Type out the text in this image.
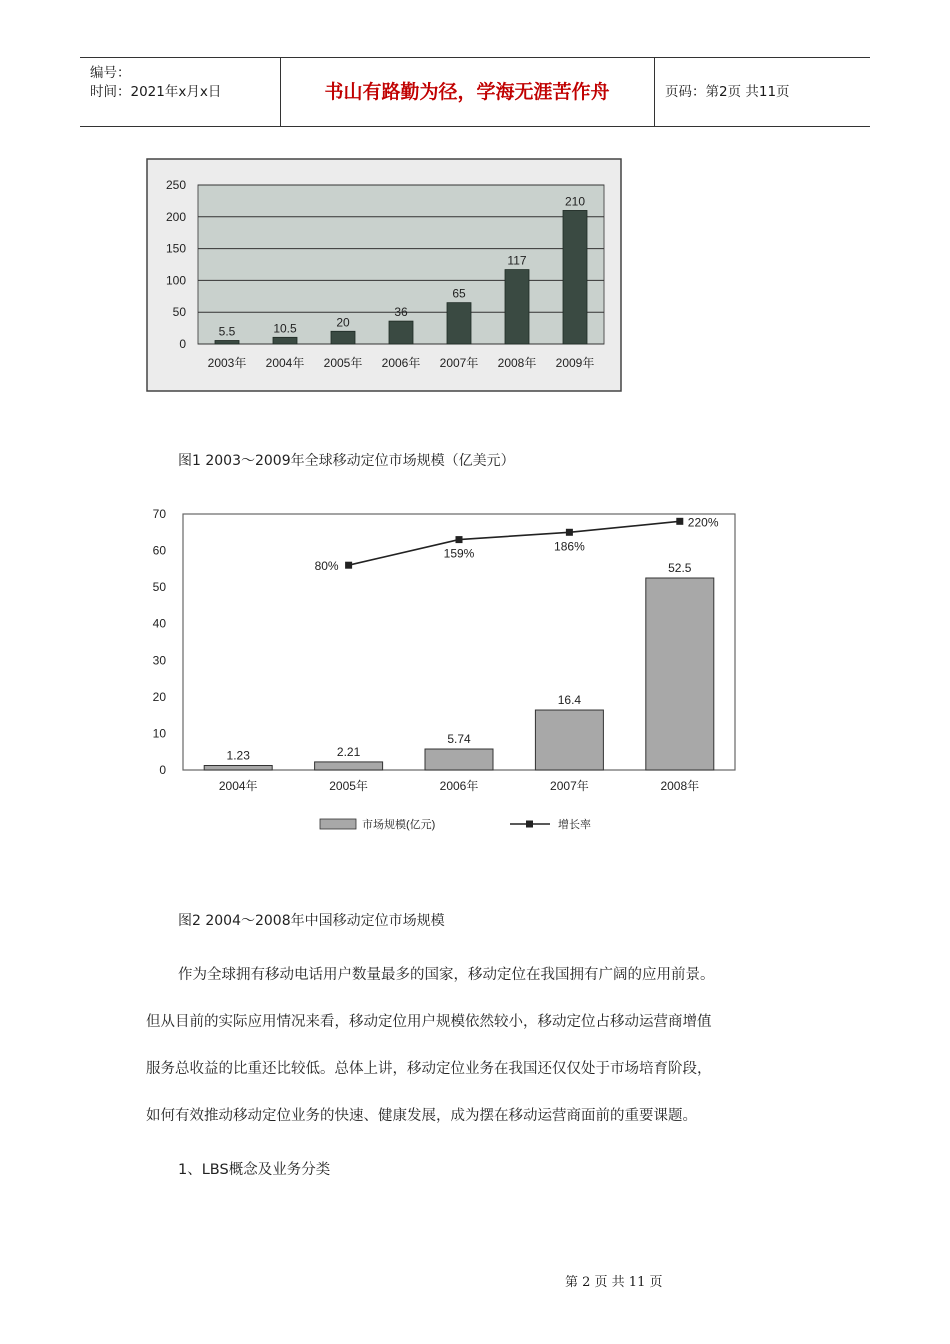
编号：
时间：2021年x月x日	书山有路勤为径，学海无涯苦作舟	页码：第2页 共11页
0
50
100
150
200
250
5.5
2003年
10.5
2004年
20
2005年
36
2006年
65
2007年
117
2008年
210
2009年
图1 2003～2009年全球移动定位市场规模（亿美元）
0
10
20
30
40
50
60
70
1.23
2004年
2.21
2005年
5.74
2006年
16.4
2007年
52.5
2008年
80%
159%
186%
220%
市场规模(亿元)	增长率
图2 2004～2008年中国移动定位市场规模
作为全球拥有移动电话用户数量最多的国家，移动定位在我国拥有广阔的应用前景。
但从目前的实际应用情况来看，移动定位用户规模依然较小，移动定位占移动运营商增值
服务总收益的比重还比较低。总体上讲，移动定位业务在我国还仅仅处于市场培育阶段，
如何有效推动移动定位业务的快速、健康发展，成为摆在移动运营商面前的重要课题。
1、LBS概念及业务分类
第 2 页 共 11 页
